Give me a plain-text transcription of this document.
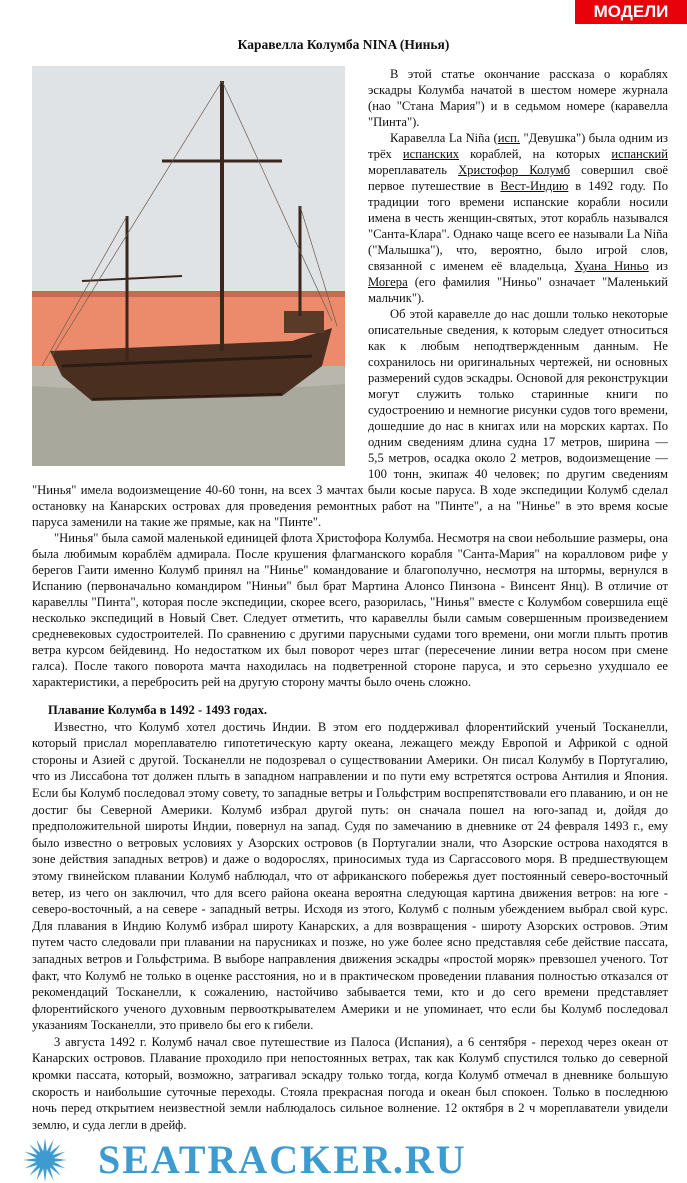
МОДЕЛИ
Каравелла Колумба NINA (Нинья)

В этой статье окончание рассказа о кораблях эскадры Колумба начатой в шестом номере журнала (нао "Стана Мария") и в седьмом номере (каравелла "Пинта").

Каравелла La Niña (исп. "Девушка") была одним из трёх испанских кораблей, на которых испанский мореплаватель Христофор Колумб совершил своё первое путешествие в Вест-Индию в 1492 году. По традиции того времени испанские корабли носили имена в честь женщин-святых, этот корабль назывался "Санта-Клара". Однако чаще всего ее называли La Niña ("Малышка"), что, вероятно, было игрой слов, связанной с именем её владельца, Хуана Ниньо из Могера (его фамилия "Ниньо" означает "Маленький мальчик").

Об этой каравелле до нас дошли только некоторые описательные сведения, к которым следует относиться как к любым неподтвержденным данным. Не сохранилось ни оригинальных чертежей, ни основных размерений судов эскадры. Основой для реконструкции могут служить только старинные книги по судостроению и немногие рисунки судов того времени, дошедшие до нас в книгах или на морских картах. По одним сведениям длина судна 17 метров, ширина — 5,5 метров, осадка около 2 метров, водоизмещение — 100 тонн, экипаж 40 человек; по другим сведениям "Нинья" имела водоизмещение 40-60 тонн, на всех 3 мачтах были косые паруса. В ходе экспедиции Колумб сделал остановку на Канарских островах для проведения ремонтных работ на "Пинте", а на "Нинье" в это время косые паруса заменили на такие же прямые, как на "Пинте".

"Нинья" была самой маленькой единицей флота Христофора Колумба. Несмотря на свои небольшие размеры, она была любимым кораблём адмирала. После крушения флагманского корабля "Санта-Мария" на коралловом рифе у берегов Гаити именно Колумб принял на "Нинье" командование и благополучно, несмотря на штормы, вернулся в Испанию (первоначально командиром "Ниньи" был брат Мартина Алонсо Пинзона - Винсент Янц). В отличие от каравеллы "Пинта", которая после экспедиции, скорее всего, разорилась, "Нинья" вместе с Колумбом совершила ещё несколько экспедиций в Новый Свет. Следует отметить, что каравеллы были самым совершенным произведением средневековых судостроителей. По сравнению с другими парусными судами того времени, они могли плыть против ветра курсом бейдевинд. Но недостатком их был поворот через штаг (пересечение линии ветра носом при смене галса). После такого поворота мачта находилась на подветренной стороне паруса, и это серьезно ухудшало ее характеристики, а перебросить рей на другую сторону мачты было очень сложно.

Плавание Колумба в 1492 - 1493 годах.

Известно, что Колумб хотел достичь Индии. В этом его поддерживал флорентийский ученый Тосканелли, который прислал мореплавателю гипотетическую карту океана, лежащего между Европой и Африкой с одной стороны и Азией с другой. Тосканелли не подозревал о существовании Америки. Он писал Колумбу в Португалию, что из Лиссабона тот должен плыть в западном направлении и по пути ему встретятся острова Антилия и Япония. Если бы Колумб последовал этому совету, то западные ветры и Гольфстрим воспрепятствовали его плаванию, и он не достиг бы Северной Америки. Колумб избрал другой путь: он сначала пошел на юго-запад и, дойдя до предположительной широты Индии, повернул на запад. Судя по замечанию в дневнике от 24 февраля 1493 г., ему было известно о ветровых условиях у Азорских островов (в Португалии знали, что Азорские острова находятся в зоне действия западных ветров) и даже о водорослях, приносимых туда из Саргассового моря. В предшествующем этому гвинейском плавании Колумб наблюдал, что от африканского побережья дует постоянный северо-восточный ветер, из чего он заключил, что для всего района океана вероятна следующая картина движения ветров: на юге - северо-восточный, а на севере - западный ветры. Исходя из этого, Колумб с полным убеждением выбрал свой курс. Для плавания в Индию Колумб избрал широту Канарских, а для возвращения - широту Азорских островов. Этим путем часто следовали при плавании на парусниках и позже, но уже более ясно представляя себе действие пассата, западных ветров и Гольфстрима. В выборе направления движения эскадры «простой моряк» превзошел ученого. Тот факт, что Колумб не только в оценке расстояния, но и в практическом проведении плавания полностью отказался от рекомендаций Тосканелли, к сожалению, настойчиво забывается теми, кто и до сего времени представляет флорентийского ученого духовным первооткрывателем Америки и не упоминает, что если бы Колумб последовал указаниям Тосканелли, это привело бы его к гибели.

3 августа 1492 г. Колумб начал свое путешествие из Палоса (Испания), а 6 сентября - переход через океан от Канарских островов. Плавание проходило при непостоянных ветрах, так как Колумб спустился только до северной кромки пассата, который, возможно, затрагивал эскадру только тогда, когда Колумб отмечал в дневнике большую скорость и наибольшие суточные переходы. Стояла прекрасная погода и океан был спокоен. Только в последнюю ночь перед открытием неизвестной земли наблюдалось сильное волнение. 12 октября в 2 ч мореплаватели увидели землю, и суда легли в дрейф.

SEATRACKER.RU
